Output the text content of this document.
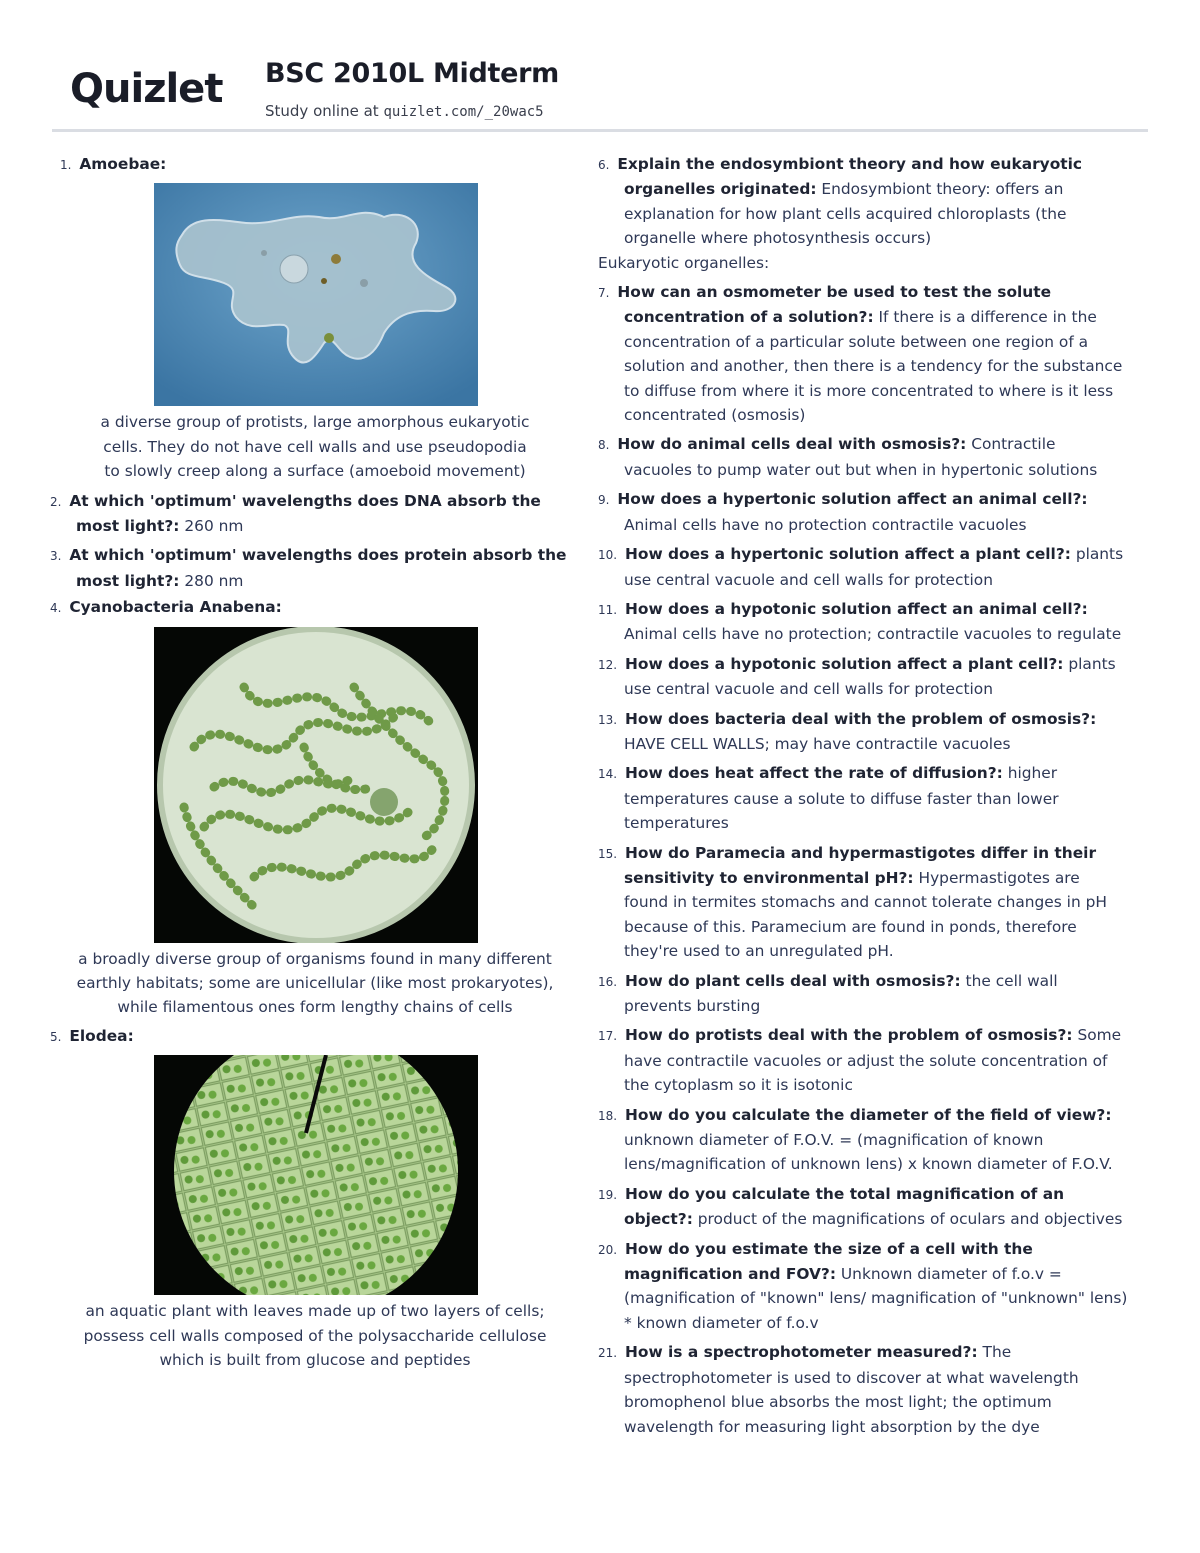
Quizlet BSC 2010L Midterm
Study online at quizlet.com/_20wac5
1. Amoebae:
a diverse group of protists, large amorphous eukaryotic cells. They do not have cell walls and use pseudopodia to slowly creep along a surface (amoeboid movement)
2. At which 'optimum' wavelengths does DNA absorb the most light?: 260 nm
3. At which 'optimum' wavelengths does protein absorb the most light?: 280 nm
4. Cyanobacteria Anabena:
a broadly diverse group of organisms found in many different earthly habitats; some are unicellular (like most prokaryotes), while filamentous ones form lengthy chains of cells
5. Elodea:
an aquatic plant with leaves made up of two layers of cells; possess cell walls composed of the polysaccharide cellulose which is built from glucose and peptides
6. Explain the endosymbiont theory and how eukaryotic organelles originated: Endosymbiont theory: offers an explanation for how plant cells acquired chloroplasts (the organelle where photosynthesis occurs)
Eukaryotic organelles:
7. How can an osmometer be used to test the solute concentration of a solution?: If there is a difference in the concentration of a particular solute between one region of a solution and another, then there is a tendency for the substance to diffuse from where it is more concentrated to where is it less concentrated (osmosis)
8. How do animal cells deal with osmosis?: Contractile vacuoles to pump water out but when in hypertonic solutions
9. How does a hypertonic solution affect an animal cell?: Animal cells have no protection contractile vacuoles
10. How does a hypertonic solution affect a plant cell?: plants use central vacuole and cell walls for protection
11. How does a hypotonic solution affect an animal cell?: Animal cells have no protection; contractile vacuoles to regulate
12. How does a hypotonic solution affect a plant cell?: plants use central vacuole and cell walls for protection
13. How does bacteria deal with the problem of osmosis?: HAVE CELL WALLS; may have contractile vacuoles
14. How does heat affect the rate of diffusion?: higher temperatures cause a solute to diffuse faster than lower temperatures
15. How do Paramecia and hypermastigotes differ in their sensitivity to environmental pH?: Hypermastigotes are found in termites stomachs and cannot tolerate changes in pH because of this. Paramecium are found in ponds, therefore they're used to an unregulated pH.
16. How do plant cells deal with osmosis?: the cell wall prevents bursting
17. How do protists deal with the problem of osmosis?: Some have contractile vacuoles or adjust the solute concentration of the cytoplasm so it is isotonic
18. How do you calculate the diameter of the field of view?: unknown diameter of F.O.V. = (magnification of known lens/magnification of unknown lens) x known diameter of F.O.V.
19. How do you calculate the total magnification of an object?: product of the magnifications of oculars and objectives
20. How do you estimate the size of a cell with the magnification and FOV?: Unknown diameter of f.o.v = (magnification of "known" lens/ magnification of "unknown" lens) * known diameter of f.o.v
21. How is a spectrophotometer measured?: The spectrophotometer is used to discover at what wavelength bromophenol blue absorbs the most light; the optimum wavelength for measuring light absorption by the dye
